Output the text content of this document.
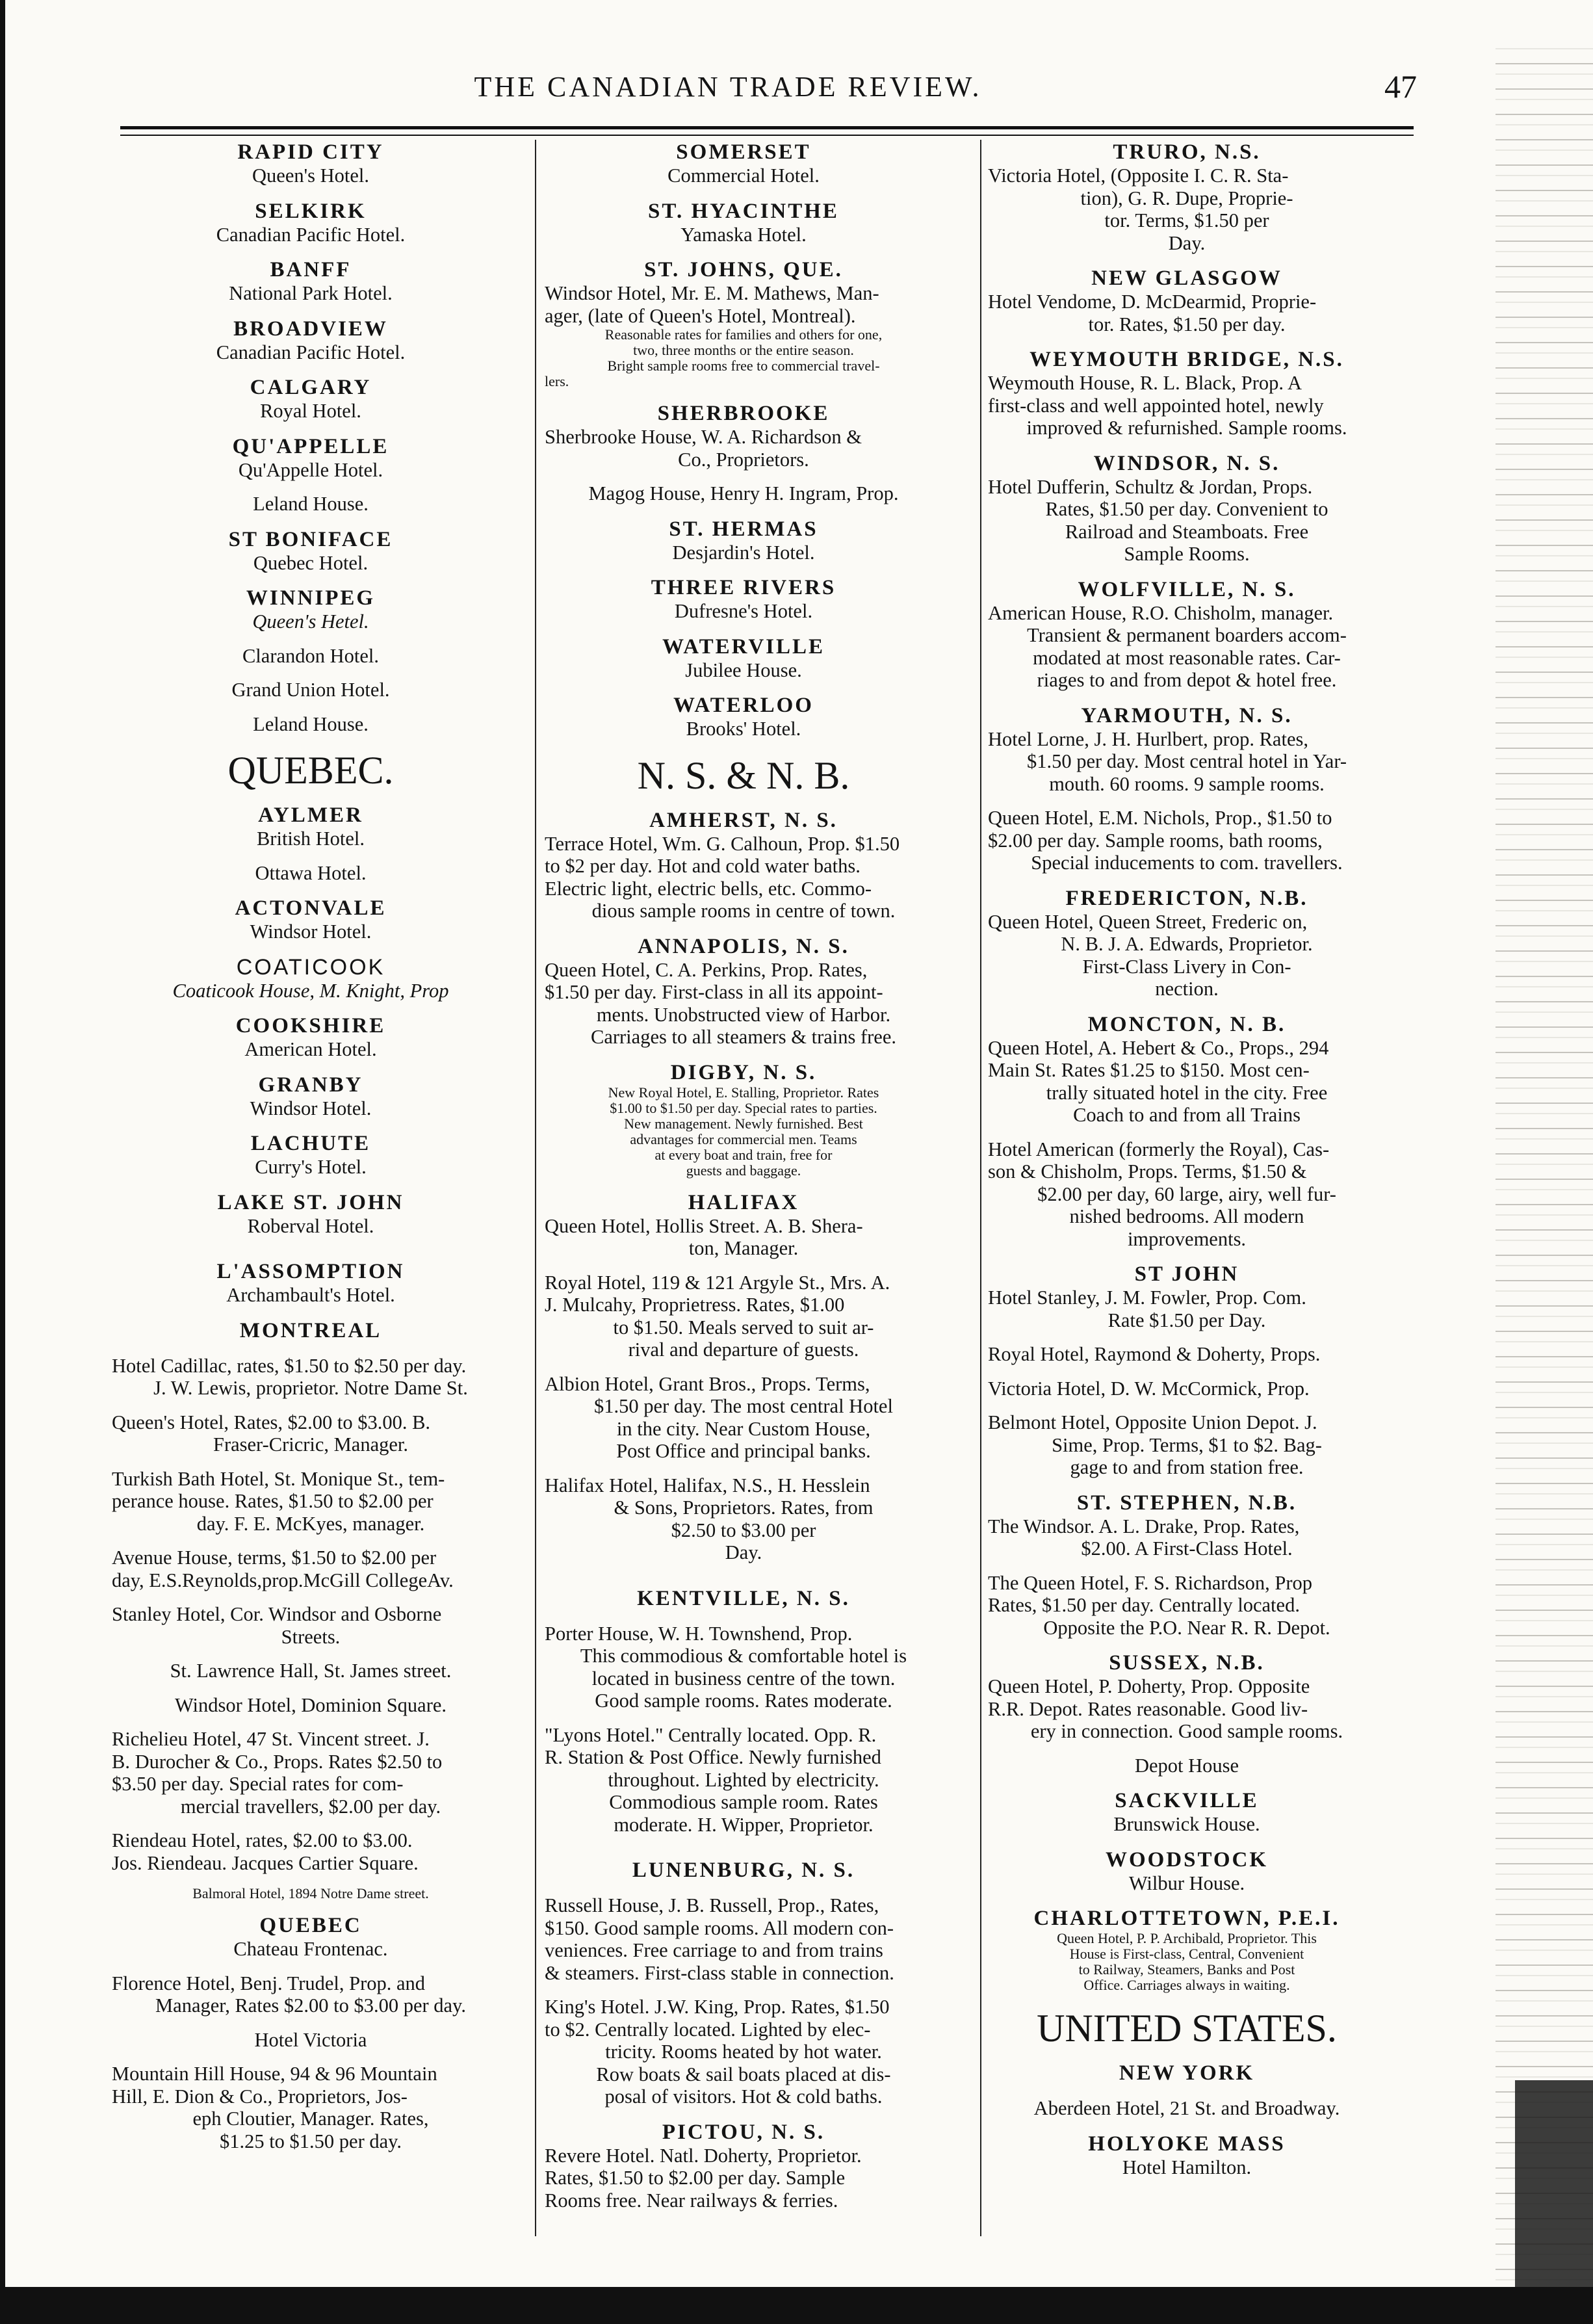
THE CANADIAN TRADE REVIEW.	47
RAPID CITY
Queen's Hotel.
SELKIRK
Canadian Pacific Hotel.
BANFF
National Park Hotel.
BROADVIEW
Canadian Pacific Hotel.
CALGARY
Royal Hotel.
QU'APPELLE
Qu'Appelle Hotel.
Leland House.
ST BONIFACE
Quebec Hotel.
WINNIPEG
Queen's Hetel.
Clarandon Hotel.
Grand Union Hotel.
Leland House.
QUEBEC.
AYLMER
British Hotel.
Ottawa Hotel.
ACTONVALE
Windsor Hotel.
COATICOOK
Coaticook House, M. Knight, Prop
COOKSHIRE
American Hotel.
GRANBY
Windsor Hotel.
LACHUTE
Curry's Hotel.
LAKE ST. JOHN
Roberval Hotel.
L'ASSOMPTION
Archambault's Hotel.
MONTREAL
Hotel Cadillac, rates, $1.50 to $2.50 per day.
J. W. Lewis, proprietor. Notre Dame St.
Queen's Hotel, Rates, $2.00 to $3.00. B.
Fraser-Cricric, Manager.
Turkish Bath Hotel, St. Monique St., tem-
perance house. Rates, $1.50 to $2.00 per
day. F. E. McKyes, manager.
Avenue House, terms, $1.50 to $2.00 per
day, E.S.Reynolds,prop.McGill CollegeAv.
Stanley Hotel, Cor. Windsor and Osborne
Streets.
St. Lawrence Hall, St. James street.
Windsor Hotel, Dominion Square.
Richelieu Hotel, 47 St. Vincent street. J.
B. Durocher & Co., Props. Rates $2.50 to
$3.50 per day. Special rates for com-
mercial travellers, $2.00 per day.
Riendeau Hotel, rates, $2.00 to $3.00.
Jos. Riendeau. Jacques Cartier Square.
Balmoral Hotel, 1894 Notre Dame street.
QUEBEC
Chateau Frontenac.
Florence Hotel, Benj. Trudel, Prop. and
Manager, Rates $2.00 to $3.00 per day.
Hotel Victoria
Mountain Hill House, 94 & 96 Mountain
Hill, E. Dion & Co., Proprietors, Jos-
eph Cloutier, Manager. Rates,
$1.25 to $1.50 per day.
SOMERSET
Commercial Hotel.
ST. HYACINTHE
Yamaska Hotel.
ST. JOHNS, QUE.
Windsor Hotel, Mr. E. M. Mathews, Man-
ager, (late of Queen's Hotel, Montreal).
Reasonable rates for families and others for one,
two, three months or the entire season.
Bright sample rooms free to commercial travel-
lers.
SHERBROOKE
Sherbrooke House, W. A. Richardson &
Co., Proprietors.
Magog House, Henry H. Ingram, Prop.
ST. HERMAS
Desjardin's Hotel.
THREE RIVERS
Dufresne's Hotel.
WATERVILLE
Jubilee House.
WATERLOO
Brooks' Hotel.
N. S. & N. B.
AMHERST, N. S.
Terrace Hotel, Wm. G. Calhoun, Prop. $1.50
to $2 per day. Hot and cold water baths.
Electric light, electric bells, etc. Commo-
dious sample rooms in centre of town.
ANNAPOLIS, N. S.
Queen Hotel, C. A. Perkins, Prop. Rates,
$1.50 per day. First-class in all its appoint-
ments. Unobstructed view of Harbor.
Carriages to all steamers & trains free.
DIGBY, N. S.
New Royal Hotel, E. Stalling, Proprietor. Rates
$1.00 to $1.50 per day. Special rates to parties.
New management. Newly furnished. Best
advantages for commercial men. Teams
at every boat and train, free for
guests and baggage.
HALIFAX
Queen Hotel, Hollis Street. A. B. Shera-
ton, Manager.
Royal Hotel, 119 & 121 Argyle St., Mrs. A.
J. Mulcahy, Proprietress. Rates, $1.00
to $1.50. Meals served to suit ar-
rival and departure of guests.
Albion Hotel, Grant Bros., Props. Terms,
$1.50 per day. The most central Hotel
in the city. Near Custom House,
Post Office and principal banks.
Halifax Hotel, Halifax, N.S., H. Hesslein
& Sons, Proprietors. Rates, from
$2.50 to $3.00 per
Day.
KENTVILLE, N. S.
Porter House, W. H. Townshend, Prop.
This commodious & comfortable hotel is
located in business centre of the town.
Good sample rooms. Rates moderate.
"Lyons Hotel." Centrally located. Opp. R.
R. Station & Post Office. Newly furnished
throughout. Lighted by electricity.
Commodious sample room. Rates
moderate. H. Wipper, Proprietor.
LUNENBURG, N. S.
Russell House, J. B. Russell, Prop., Rates,
$150. Good sample rooms. All modern con-
veniences. Free carriage to and from trains
& steamers. First-class stable in connection.
King's Hotel. J.W. King, Prop. Rates, $1.50
to $2. Centrally located. Lighted by elec-
tricity. Rooms heated by hot water.
Row boats & sail boats placed at dis-
posal of visitors. Hot & cold baths.
PICTOU, N. S.
Revere Hotel. Natl. Doherty, Proprietor.
Rates, $1.50 to $2.00 per day. Sample
Rooms free. Near railways & ferries.
TRURO, N.S.
Victoria Hotel, (Opposite I. C. R. Sta-
tion), G. R. Dupe, Proprie-
tor. Terms, $1.50 per
Day.
NEW GLASGOW
Hotel Vendome, D. McDearmid, Proprie-
tor. Rates, $1.50 per day.
WEYMOUTH BRIDGE, N.S.
Weymouth House, R. L. Black, Prop. A
first-class and well appointed hotel, newly
improved & refurnished. Sample rooms.
WINDSOR, N. S.
Hotel Dufferin, Schultz & Jordan, Props.
Rates, $1.50 per day. Convenient to
Railroad and Steamboats. Free
Sample Rooms.
WOLFVILLE, N. S.
American House, R.O. Chisholm, manager.
Transient & permanent boarders accom-
modated at most reasonable rates. Car-
riages to and from depot & hotel free.
YARMOUTH, N. S.
Hotel Lorne, J. H. Hurlbert, prop. Rates,
$1.50 per day. Most central hotel in Yar-
mouth. 60 rooms. 9 sample rooms.
Queen Hotel, E.M. Nichols, Prop., $1.50 to
$2.00 per day. Sample rooms, bath rooms,
Special inducements to com. travellers.
FREDERICTON, N.B.
Queen Hotel, Queen Street, Frederic on,
N. B. J. A. Edwards, Proprietor.
First-Class Livery in Con-
nection.
MONCTON, N. B.
Queen Hotel, A. Hebert & Co., Props., 294
Main St. Rates $1.25 to $150. Most cen-
trally situated hotel in the city. Free
Coach to and from all Trains
Hotel American (formerly the Royal), Cas-
son & Chisholm, Props. Terms, $1.50 &
$2.00 per day, 60 large, airy, well fur-
nished bedrooms. All modern
improvements.
ST JOHN
Hotel Stanley, J. M. Fowler, Prop. Com.
Rate $1.50 per Day.
Royal Hotel, Raymond & Doherty, Props.
Victoria Hotel, D. W. McCormick, Prop.
Belmont Hotel, Opposite Union Depot. J.
Sime, Prop. Terms, $1 to $2. Bag-
gage to and from station free.
ST. STEPHEN, N.B.
The Windsor. A. L. Drake, Prop. Rates,
$2.00. A First-Class Hotel.
The Queen Hotel, F. S. Richardson, Prop
Rates, $1.50 per day. Centrally located.
Opposite the P.O. Near R. R. Depot.
SUSSEX, N.B.
Queen Hotel, P. Doherty, Prop. Opposite
R.R. Depot. Rates reasonable. Good liv-
ery in connection. Good sample rooms.
Depot House
SACKVILLE
Brunswick House.
WOODSTOCK
Wilbur House.
CHARLOTTETOWN, P.E.I.
Queen Hotel, P. P. Archibald, Proprietor. This
House is First-class, Central, Convenient
to Railway, Steamers, Banks and Post
Office. Carriages always in waiting.
UNITED STATES.
NEW YORK
Aberdeen Hotel, 21 St. and Broadway.
HOLYOKE MASS
Hotel Hamilton.
